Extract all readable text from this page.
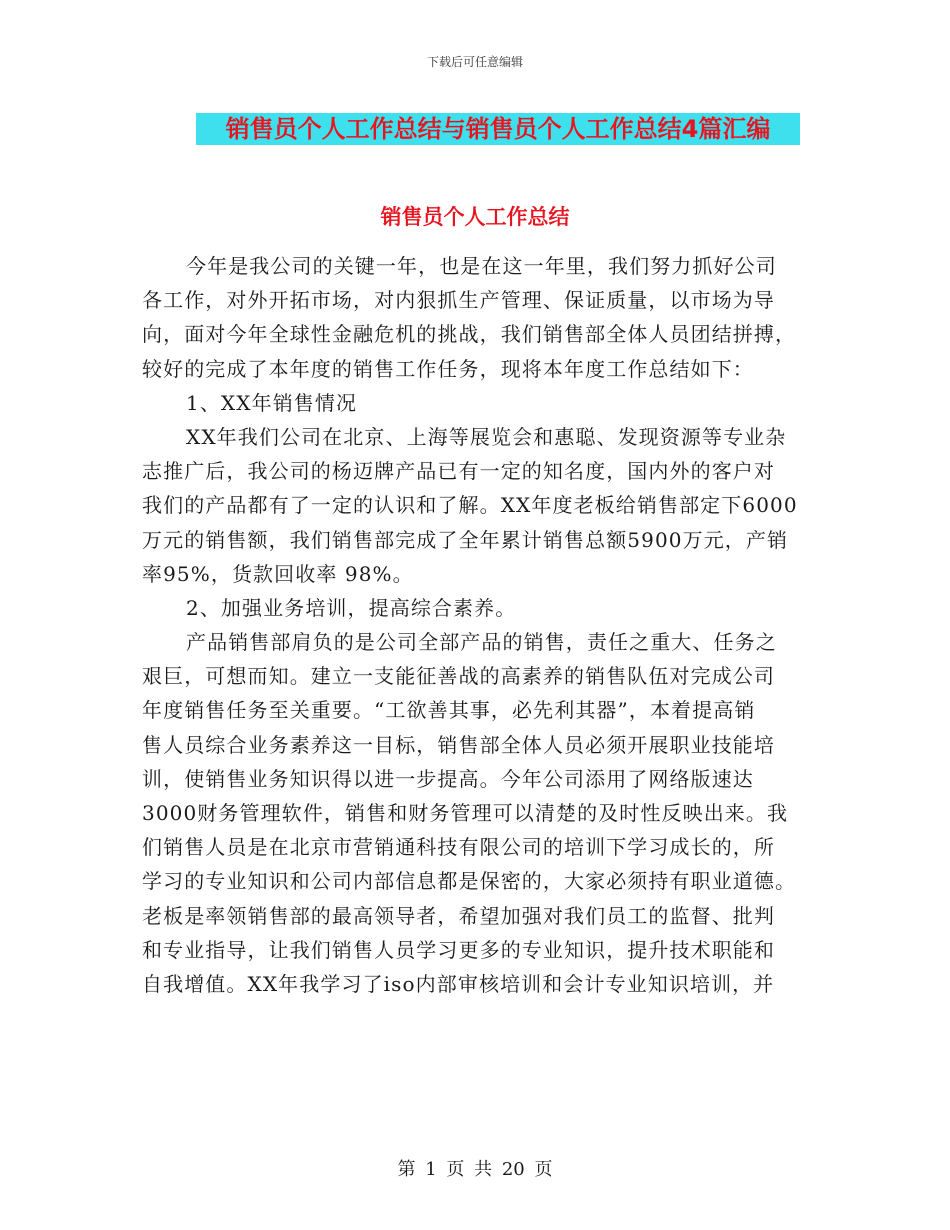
下载后可任意编辑
销售员个人工作总结与销售员个人工作总结4篇汇编
销售员个人工作总结
今年是我公司的关键一年，也是在这一年里，我们努力抓好公司
各工作，对外开拓市场，对内狠抓生产管理、保证质量，以市场为导
向，面对今年全球性金融危机的挑战，我们销售部全体人员团结拼搏，
较好的完成了本年度的销售工作任务，现将本年度工作总结如下：
1、XX年销售情况
XX年我们公司在北京、上海等展览会和惠聪、发现资源等专业杂
志推广后，我公司的杨迈牌产品已有一定的知名度，国内外的客户对
我们的产品都有了一定的认识和了解。XX年度老板给销售部定下6000
万元的销售额，我们销售部完成了全年累计销售总额5900万元，产销
率95%，货款回收率 98%。
2、加强业务培训，提高综合素养。
产品销售部肩负的是公司全部产品的销售，责任之重大、任务之
艰巨，可想而知。建立一支能征善战的高素养的销售队伍对完成公司
年度销售任务至关重要。“工欲善其事，必先利其器”，本着提高销
售人员综合业务素养这一目标，销售部全体人员必须开展职业技能培
训，使销售业务知识得以进一步提高。今年公司添用了网络版速达
3000财务管理软件，销售和财务管理可以清楚的及时性反映出来。我
们销售人员是在北京市营销通科技有限公司的培训下学习成长的，所
学习的专业知识和公司内部信息都是保密的，大家必须持有职业道德。
老板是率领销售部的最高领导者，希望加强对我们员工的监督、批判
和专业指导，让我们销售人员学习更多的专业知识，提升技术职能和
自我增值。XX年我学习了iso内部审核培训和会计专业知识培训，并
第 1 页 共 20 页
